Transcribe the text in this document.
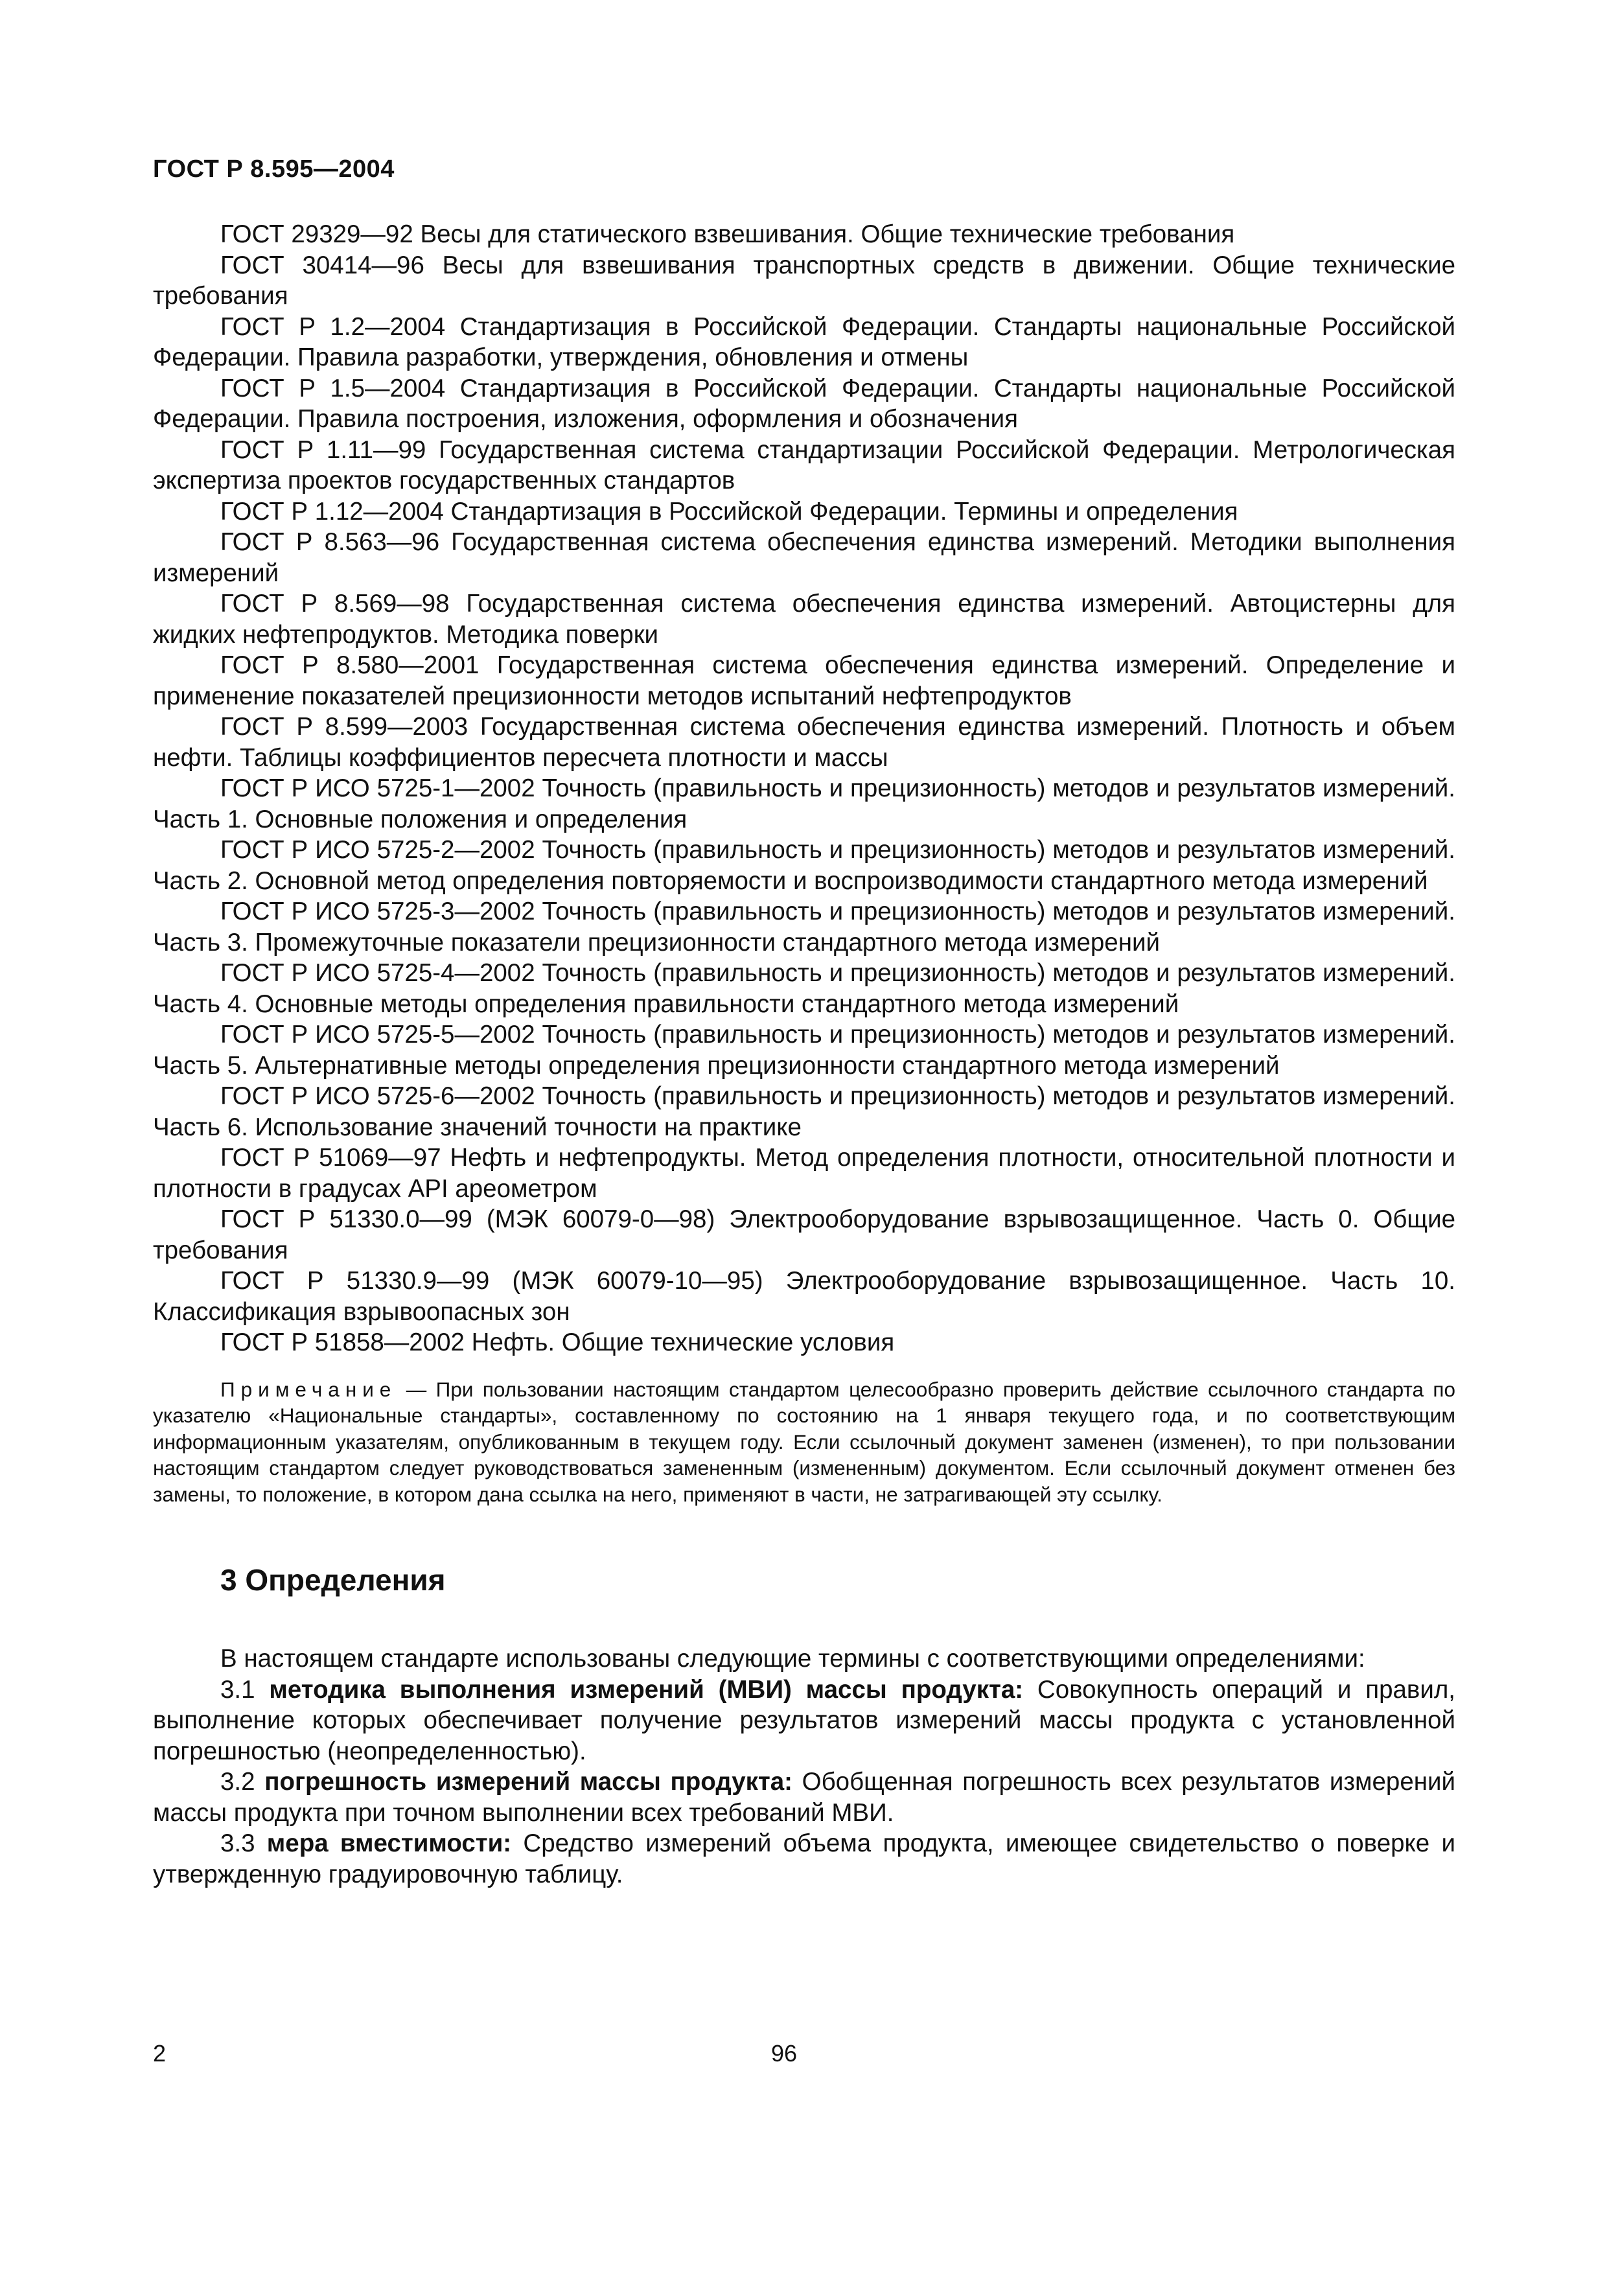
ГОСТ Р 8.595—2004

ГОСТ 29329—92 Весы для статического взвешивания. Общие технические требования

ГОСТ 30414—96 Весы для взвешивания транспортных средств в движении. Общие технические требования

ГОСТ Р 1.2—2004 Стандартизация в Российской Федерации. Стандарты национальные Российской Федерации. Правила разработки, утверждения, обновления и отмены

ГОСТ Р 1.5—2004 Стандартизация в Российской Федерации. Стандарты национальные Российской Федерации. Правила построения, изложения, оформления и обозначения

ГОСТ Р 1.11—99 Государственная система стандартизации Российской Федерации. Метрологическая экспертиза проектов государственных стандартов

ГОСТ Р 1.12—2004 Стандартизация в Российской Федерации. Термины и определения

ГОСТ Р 8.563—96 Государственная система обеспечения единства измерений. Методики выполнения измерений

ГОСТ Р 8.569—98 Государственная система обеспечения единства измерений. Автоцистерны для жидких нефтепродуктов. Методика поверки

ГОСТ Р 8.580—2001 Государственная система обеспечения единства измерений. Определение и применение показателей прецизионности методов испытаний нефтепродуктов

ГОСТ Р 8.599—2003 Государственная система обеспечения единства измерений. Плотность и объем нефти. Таблицы коэффициентов пересчета плотности и массы

ГОСТ Р ИСО 5725-1—2002 Точность (правильность и прецизионность) методов и результатов измерений. Часть 1. Основные положения и определения

ГОСТ Р ИСО 5725-2—2002 Точность (правильность и прецизионность) методов и результатов измерений. Часть 2. Основной метод определения повторяемости и воспроизводимости стандартного метода измерений

ГОСТ Р ИСО 5725-3—2002 Точность (правильность и прецизионность) методов и результатов измерений. Часть 3. Промежуточные показатели прецизионности стандартного метода измерений

ГОСТ Р ИСО 5725-4—2002 Точность (правильность и прецизионность) методов и результатов измерений. Часть 4. Основные методы определения правильности стандартного метода измерений

ГОСТ Р ИСО 5725-5—2002 Точность (правильность и прецизионность) методов и результатов измерений. Часть 5. Альтернативные методы определения прецизионности стандартного метода измерений

ГОСТ Р ИСО 5725-6—2002 Точность (правильность и прецизионность) методов и результатов измерений. Часть 6. Использование значений точности на практике

ГОСТ Р 51069—97 Нефть и нефтепродукты. Метод определения плотности, относительной плотности и плотности в градусах API ареометром

ГОСТ Р 51330.0—99 (МЭК 60079-0—98) Электрооборудование взрывозащищенное. Часть 0. Общие требования

ГОСТ Р 51330.9—99 (МЭК 60079-10—95) Электрооборудование взрывозащищенное. Часть 10. Классификация взрывоопасных зон

ГОСТ Р 51858—2002 Нефть. Общие технические условия

Примечание — При пользовании настоящим стандартом целесообразно проверить действие ссылочного стандарта по указателю «Национальные стандарты», составленному по состоянию на 1 января текущего года, и по соответствующим информационным указателям, опубликованным в текущем году. Если ссылочный документ заменен (изменен), то при пользовании настоящим стандартом следует руководствоваться замененным (измененным) документом. Если ссылочный документ отменен без замены, то положение, в котором дана ссылка на него, применяют в части, не затрагивающей эту ссылку.

3 Определения

В настоящем стандарте использованы следующие термины с соответствующими определениями:

3.1 методика выполнения измерений (МВИ) массы продукта: Совокупность операций и правил, выполнение которых обеспечивает получение результатов измерений массы продукта с установленной погрешностью (неопределенностью).

3.2 погрешность измерений массы продукта: Обобщенная погрешность всех результатов измерений массы продукта при точном выполнении всех требований МВИ.

3.3 мера вместимости: Средство измерений объема продукта, имеющее свидетельство о поверке и утвержденную градуировочную таблицу.

2	96
